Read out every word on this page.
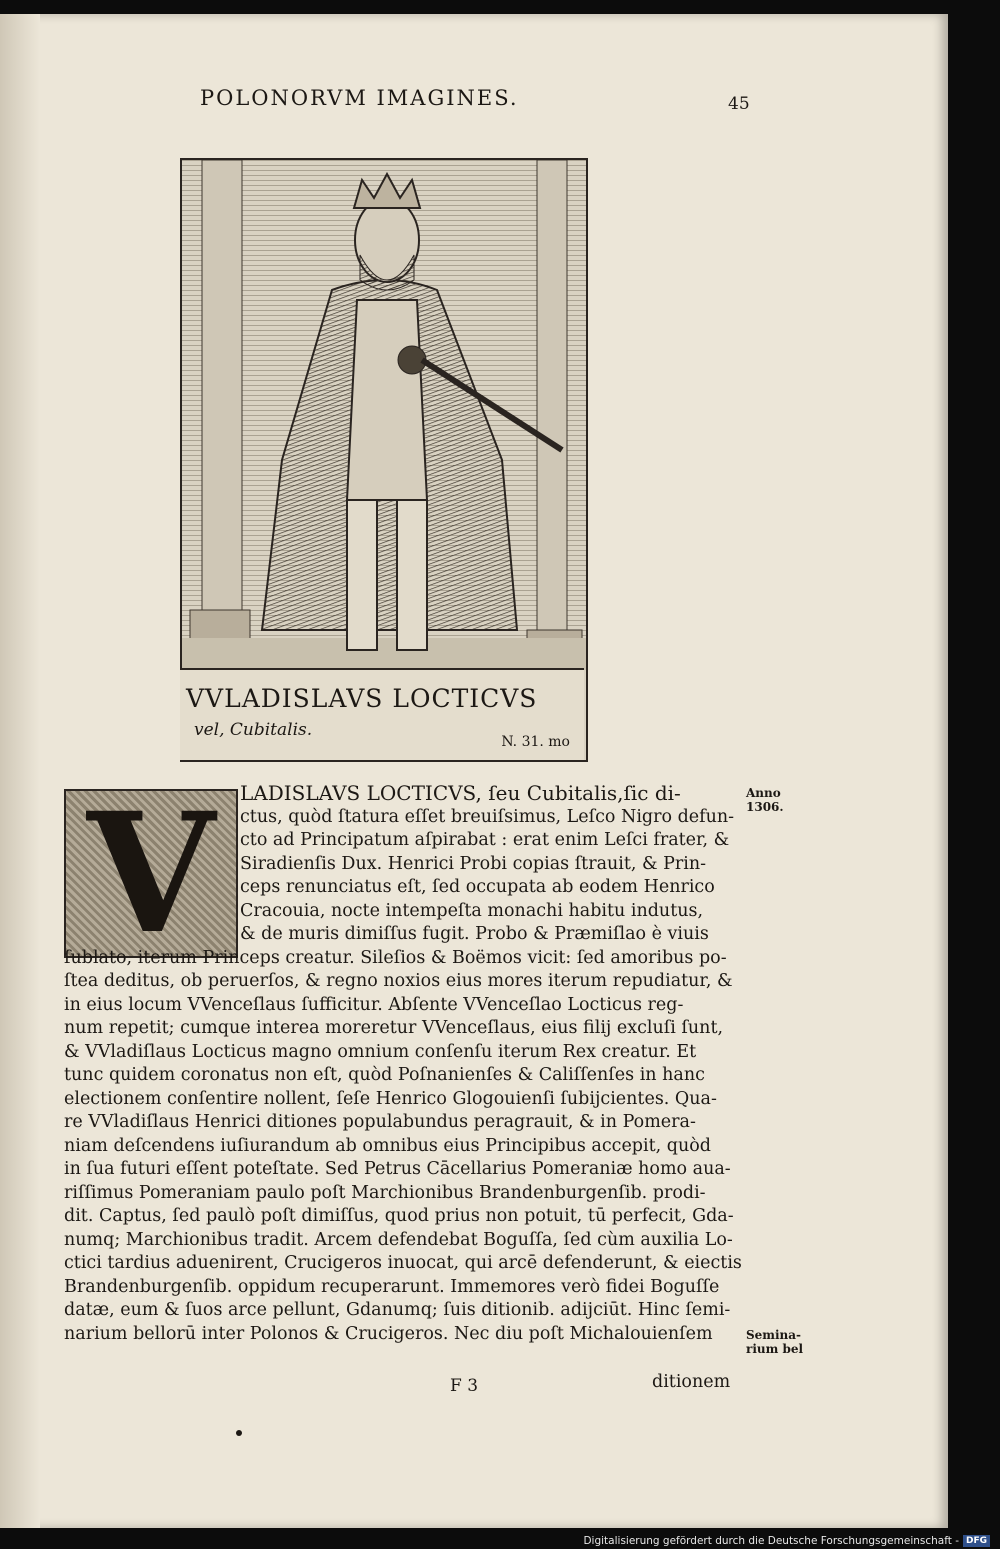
POLONORVM IMAGINES.	45
VVLADISLAVS LOCTICVS
vel, Cubitalis.
N. 31. mo
V	LADISLAVS LOCTICVS, ſeu Cubitalis,ſic di-
ctus, quòd ſtatura eſſet breuiſsimus, Leſco Nigro defun-
cto ad Principatum aſpirabat : erat enim Leſci frater, &
Siradienſis Dux. Henrici Probi copias ſtrauit, & Prin-
ceps renunciatus eſt, ſed occupata ab eodem Henrico
Cracouia, nocte intempeſta monachi habitu indutus,
& de muris dimiſſus fugit. Probo & Præmiſlao è viuis
ſublato, iterum Princeps creatur. Sileſios & Boëmos vicit: ſed amoribus po-
ſtea deditus, ob peruerſos, & regno noxios eius mores iterum repudiatur, &
in eius locum VVenceſlaus ſufficitur. Abſente VVenceſlao Locticus reg-
num repetit; cumque interea moreretur VVenceſlaus, eius filij excluſi ſunt,
& VVladiſlaus Locticus magno omnium conſenſu iterum Rex creatur. Et
tunc quidem coronatus non eſt, quòd Poſnanienſes & Caliſſenſes in hanc
electionem conſentire nollent, ſeſe Henrico Glogouienſi ſubijcientes. Qua-
re VVladiſlaus Henrici ditiones populabundus peragrauit, & in Pomera-
niam deſcendens iuſiurandum ab omnibus eius Principibus accepit, quòd
in ſua futuri eſſent poteſtate. Sed Petrus Cācellarius Pomeraniæ homo aua-
riſſimus Pomeraniam paulo poſt Marchionibus Brandenburgenſib. prodi-
dit. Captus, ſed paulò poſt dimiſſus, quod prius non potuit, tū perfecit, Gda-
numq; Marchionibus tradit. Arcem defendebat Boguſſa, ſed cùm auxilia Lo-
ctici tardius aduenirent, Crucigeros inuocat, qui arcē defenderunt, & eiectis
Brandenburgenſib. oppidum recuperarunt. Immemores verò fidei Boguſſe
datæ, eum & ſuos arce pellunt, Gdanumq; ſuis ditionib. adijciūt. Hinc ſemi-
narium bellorū inter Polonos & Crucigeros. Nec diu poſt Michalouienſem
Anno 1306.
Semina-rium bel
F 3	ditionem
Digitalisierung gefördert durch die Deutsche Forschungsgemeinschaft - DFG
